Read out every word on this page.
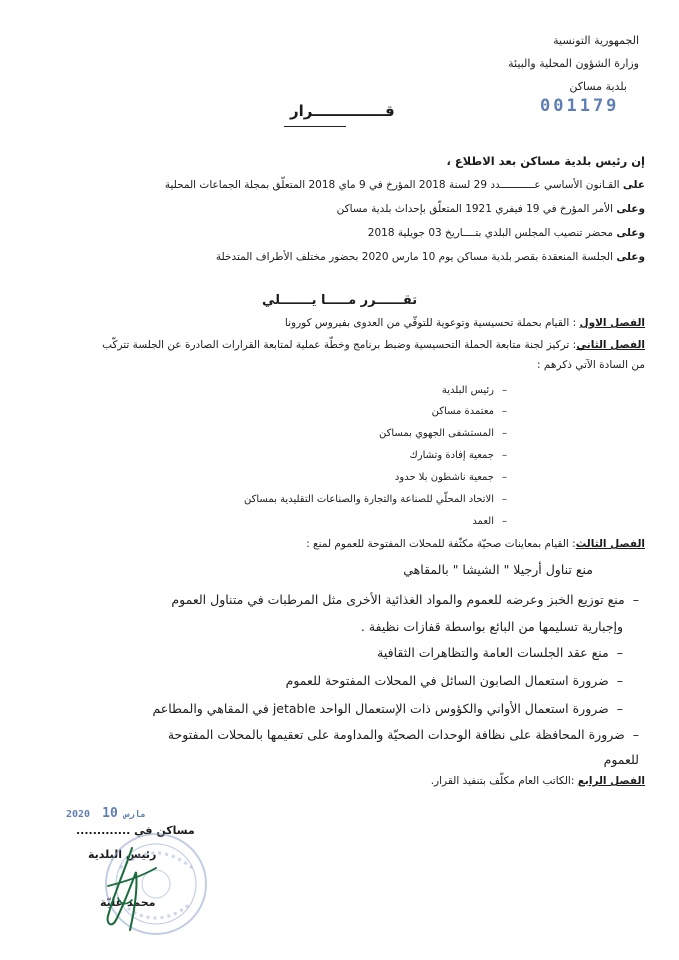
الجمهورية التونسية
وزارة الشؤون المحلية والبيئة
بلدية مساكن
001179
قــــــــــــــرار
إن رئيس بلدية مساكن بعد الاطلاع ،
على القـانون الأساسي عـــــــــــدد 29 لسنة 2018 المؤرخ في 9 ماي 2018 المتعلّق بمجلة الجماعات المحلية
وعلى الأمر المؤرخ في 19 فيفري 1921 المتعلّق بإحداث بلدية مساكن
وعلى محضر تنصيب المجلس البلدي بتــــاريخ 03 جويلية 2018
وعلى الجلسة المنعقدة بقصر بلدية مساكن يوم 10 مارس 2020 بحضور مختلف الأطراف المتدخلة
تقــــــرر مـــــا يـــــــلي
الفصل الاول : القيام بحملة تحسيسية وتوعوية للتوقّي من العدوى بفيروس كورونا
الفصل الثاني: تركيز لجنة متابعة الحملة التحسيسية وضبط برنامج وخطّة عملية لمتابعة القرارات الصادرة عن الجلسة تتركّب
من السادة الآتي ذكرهم :
–رئيس البلدية
–معتمدة مساكن
–المستشفى الجهوي بمساكن
–جمعية إفادة وتشارك
–جمعية ناشطون بلا حدود
–الاتحاد المحلّي للصناعة والتجارة والصناعات التقليدية بمساكن
–العمد
الفصل الثالث: القيام بمعاينات صحيّة مكثّفة للمحلات المفتوحة للعموم لمنع :
منع تناول أرجيلا " الشيشا " بالمقاهي
–منع توزيع الخبز وعرضه للعموم والمواد الغذائية الأخرى مثل المرطبات في متناول العموم
وإجبارية تسليمها من البائع بواسطة قفازات نظيفة .
–منع عقد الجلسات العامة والتظاهرات الثقافية
–ضرورة استعمال الصابون السائل في المحلات المفتوحة للعموم
–ضرورة استعمال الأواني والكؤوس ذات الإستعمال الواحد jetable في المقاهي والمطاعم
–ضرورة المحافظة على نظافة الوحدات الصحيّة والمداومة على تعقيمها بالمحلات المفتوحة
للعموم
الفصل الرابع :الكاتب العام مكلّف بتنفيذ القرار.
2020 10 مارس
مساكن في .............
رئيس البلدية
محمد عليّة
